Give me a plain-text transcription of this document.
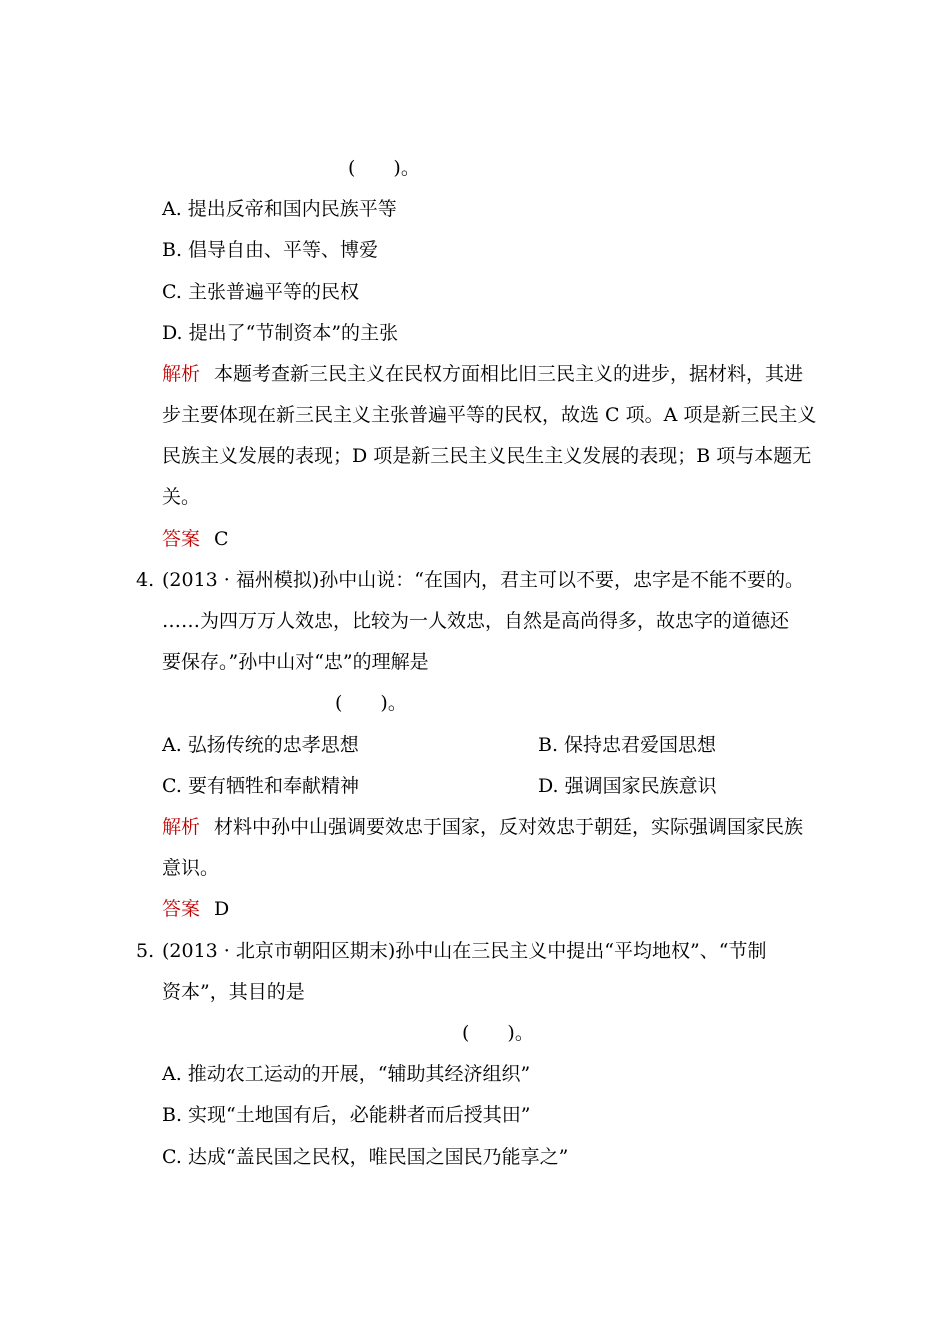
(　　)。
A. 提出反帝和国内民族平等
B. 倡导自由、平等、博爱
C. 主张普遍平等的民权
D. 提出了“节制资本”的主张
解析 本题考查新三民主义在民权方面相比旧三民主义的进步，据材料，其进
步主要体现在新三民主义主张普遍平等的民权，故选 C 项。A 项是新三民主义
民族主义发展的表现；D 项是新三民主义民生主义发展的表现；B 项与本题无
关。
答案 C
4. (2013 · 福州模拟)孙中山说：“在国内，君主可以不要，忠字是不能不要的。
……为四万万人效忠，比较为一人效忠，自然是高尚得多，故忠字的道德还
要保存。”孙中山对“忠”的理解是
(　　)。
A. 弘扬传统的忠孝思想	B. 保持忠君爱国思想
C. 要有牺牲和奉献精神	D. 强调国家民族意识
解析 材料中孙中山强调要效忠于国家，反对效忠于朝廷，实际强调国家民族
意识。
答案 D
5. (2013 · 北京市朝阳区期末)孙中山在三民主义中提出“平均地权”、“节制
资本”，其目的是
(　　)。
A. 推动农工运动的开展，“辅助其经济组织”
B. 实现“土地国有后，必能耕者而后授其田”
C. 达成“盖民国之民权，唯民国之国民乃能享之”
